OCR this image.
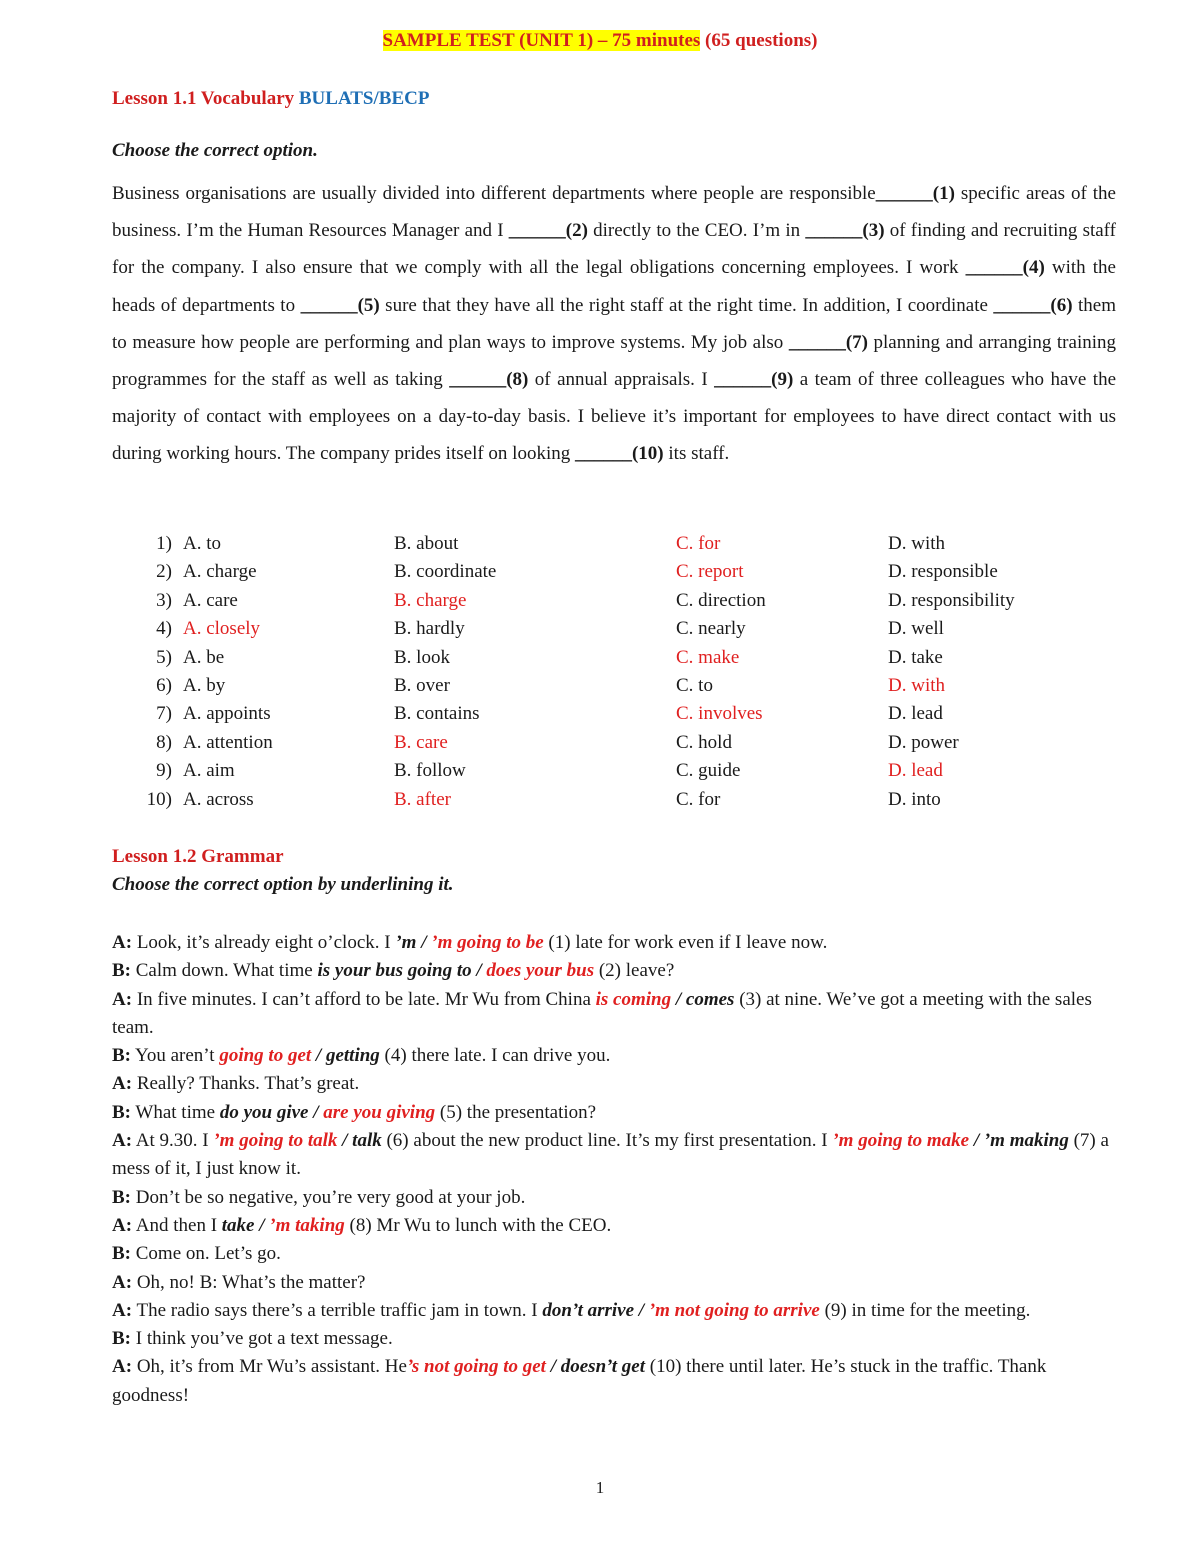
SAMPLE TEST (UNIT 1) – 75 minutes (65 questions)
Lesson 1.1 Vocabulary BULATS/BECP
Choose the correct option.
Business organisations are usually divided into different departments where people are responsible______(1) specific areas of the business. I’m the Human Resources Manager and I ______(2) directly to the CEO. I’m in ______(3) of finding and recruiting staff for the company. I also ensure that we comply with all the legal obligations concerning employees. I work ______(4) with the heads of departments to ______(5) sure that they have all the right staff at the right time. In addition, I coordinate ______(6) them to measure how people are performing and plan ways to improve systems. My job also ______(7) planning and arranging training programmes for the staff as well as taking ______(8) of annual appraisals. I ______(9) a team of three colleagues who have the majority of contact with employees on a day-to-day basis. I believe it’s important for employees to have direct contact with us during working hours. The company prides itself on looking ______(10) its staff.
1) A. to	B. about	C. for	D. with
2) A. charge	B. coordinate	C. report	D. responsible
3) A. care	B. charge	C. direction	D. responsibility
4) A. closely	B. hardly	C. nearly	D. well
5) A. be	B. look	C. make	D. take
6) A. by	B. over	C. to	D. with
7) A. appoints	B. contains	C. involves	D. lead
8) A. attention	B. care	C. hold	D. power
9) A. aim	B. follow	C. guide	D. lead
10) A. across	B. after	C. for	D. into
Lesson 1.2 Grammar
Choose the correct option by underlining it.

A: Look, it’s already eight o’clock. I ’m / ’m going to be (1) late for work even if I leave now.

B: Calm down. What time is your bus going to / does your bus (2) leave?

A: In five minutes. I can’t afford to be late. Mr Wu from China is coming / comes (3) at nine. We’ve got a meeting with the sales team.

B: You aren’t going to get / getting (4) there late. I can drive you.

A: Really? Thanks. That’s great.

B: What time do you give / are you giving (5) the presentation?

A: At 9.30. I ’m going to talk / talk (6) about the new product line. It’s my first presentation. I ’m going to make / ’m making (7) a mess of it, I just know it.

B: Don’t be so negative, you’re very good at your job.

A: And then I take / ’m taking (8) Mr Wu to lunch with the CEO.

B: Come on. Let’s go.

A: Oh, no! B: What’s the matter?

A: The radio says there’s a terrible traffic jam in town. I don’t arrive / ’m not going to arrive (9) in time for the meeting.

B: I think you’ve got a text message.

A: Oh, it’s from Mr Wu’s assistant. He’s not going to get / doesn’t get (10) there until later. He’s stuck in the traffic. Thank goodness!

1
